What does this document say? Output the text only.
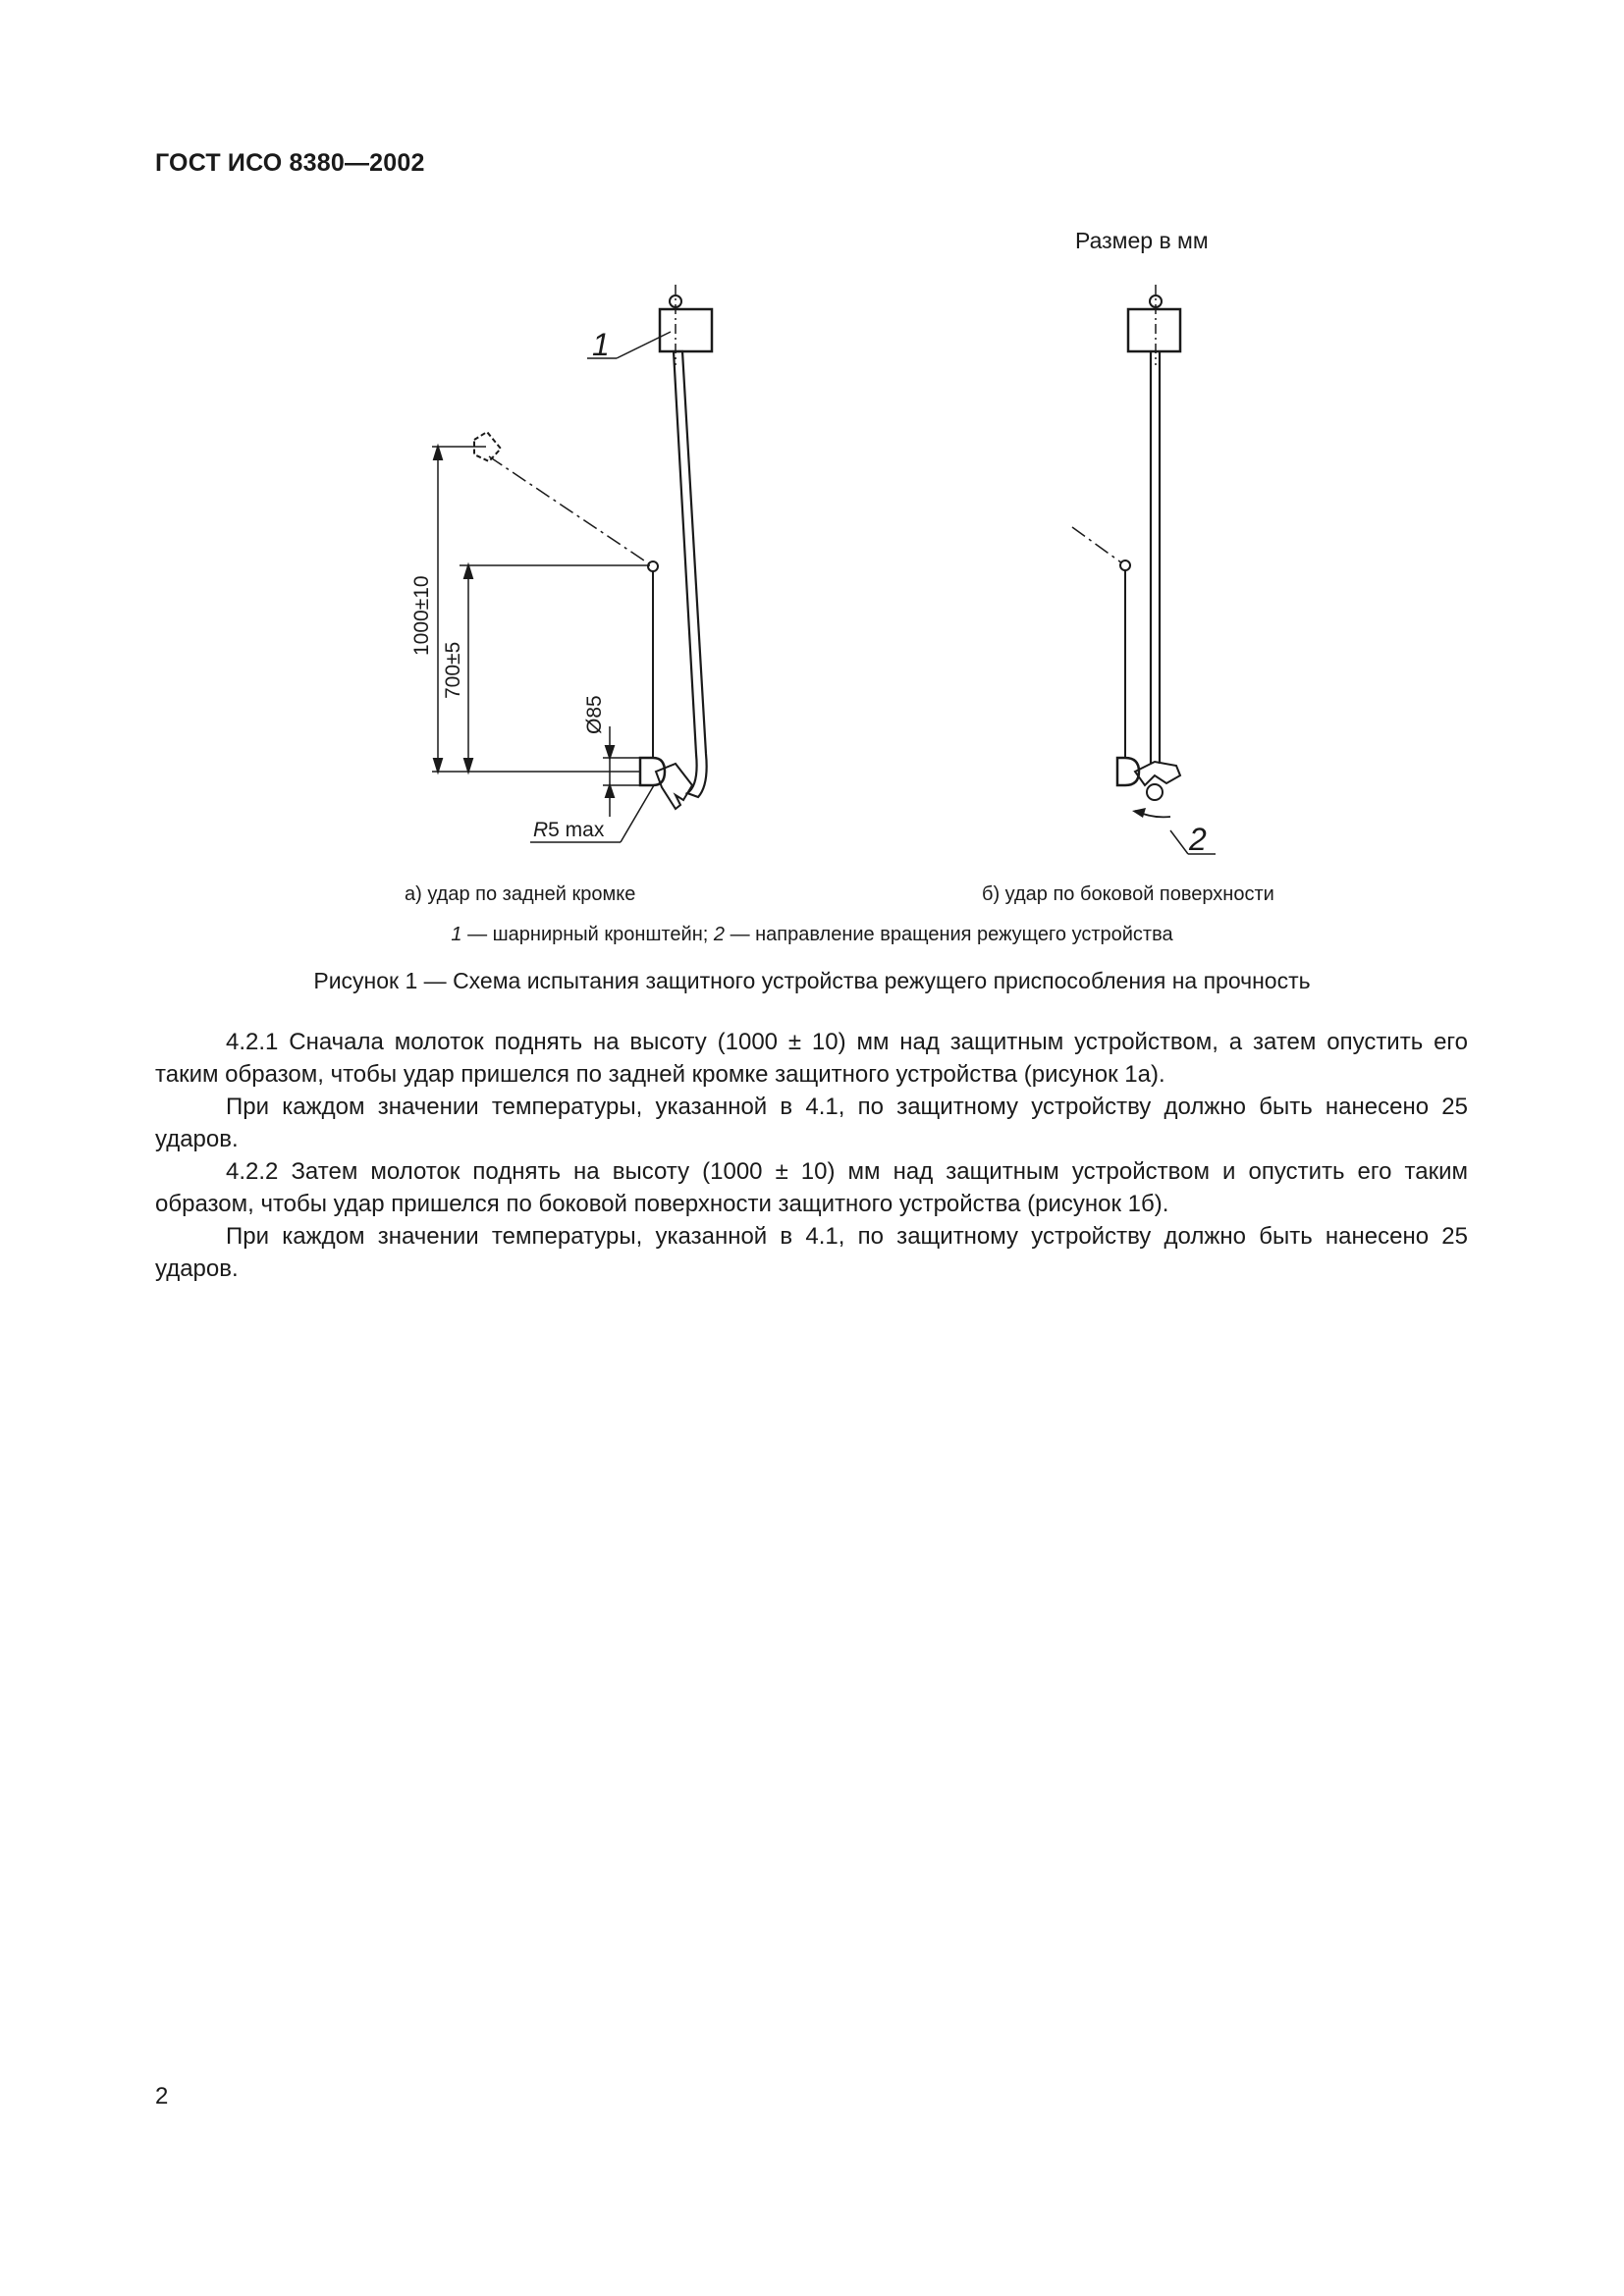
ГОСТ ИСО 8380—2002
Размер в мм
1
1000±10
700±5
Ø85
R5 max	2
а) удар по задней кромке	б) удар по боковой поверхности
1 — шарнирный кронштейн; 2 — направление вращения режущего устройства
Рисунок 1 — Схема испытания защитного устройства режущего приспособления на прочность

4.2.1 Сначала молоток поднять на высоту (1000 ± 10) мм над защитным устройством, а затем опустить его таким образом, чтобы удар пришелся по задней кромке защитного устройства (рисунок 1а).

При каждом значении температуры, указанной в 4.1, по защитному устройству должно быть нанесено 25 ударов.

4.2.2 Затем молоток поднять на высоту (1000 ± 10) мм над защитным устройством и опустить его таким образом, чтобы удар пришелся по боковой поверхности защитного устройства (рисунок 1б).

При каждом значении температуры, указанной в 4.1, по защитному устройству должно быть нанесено 25 ударов.

2
